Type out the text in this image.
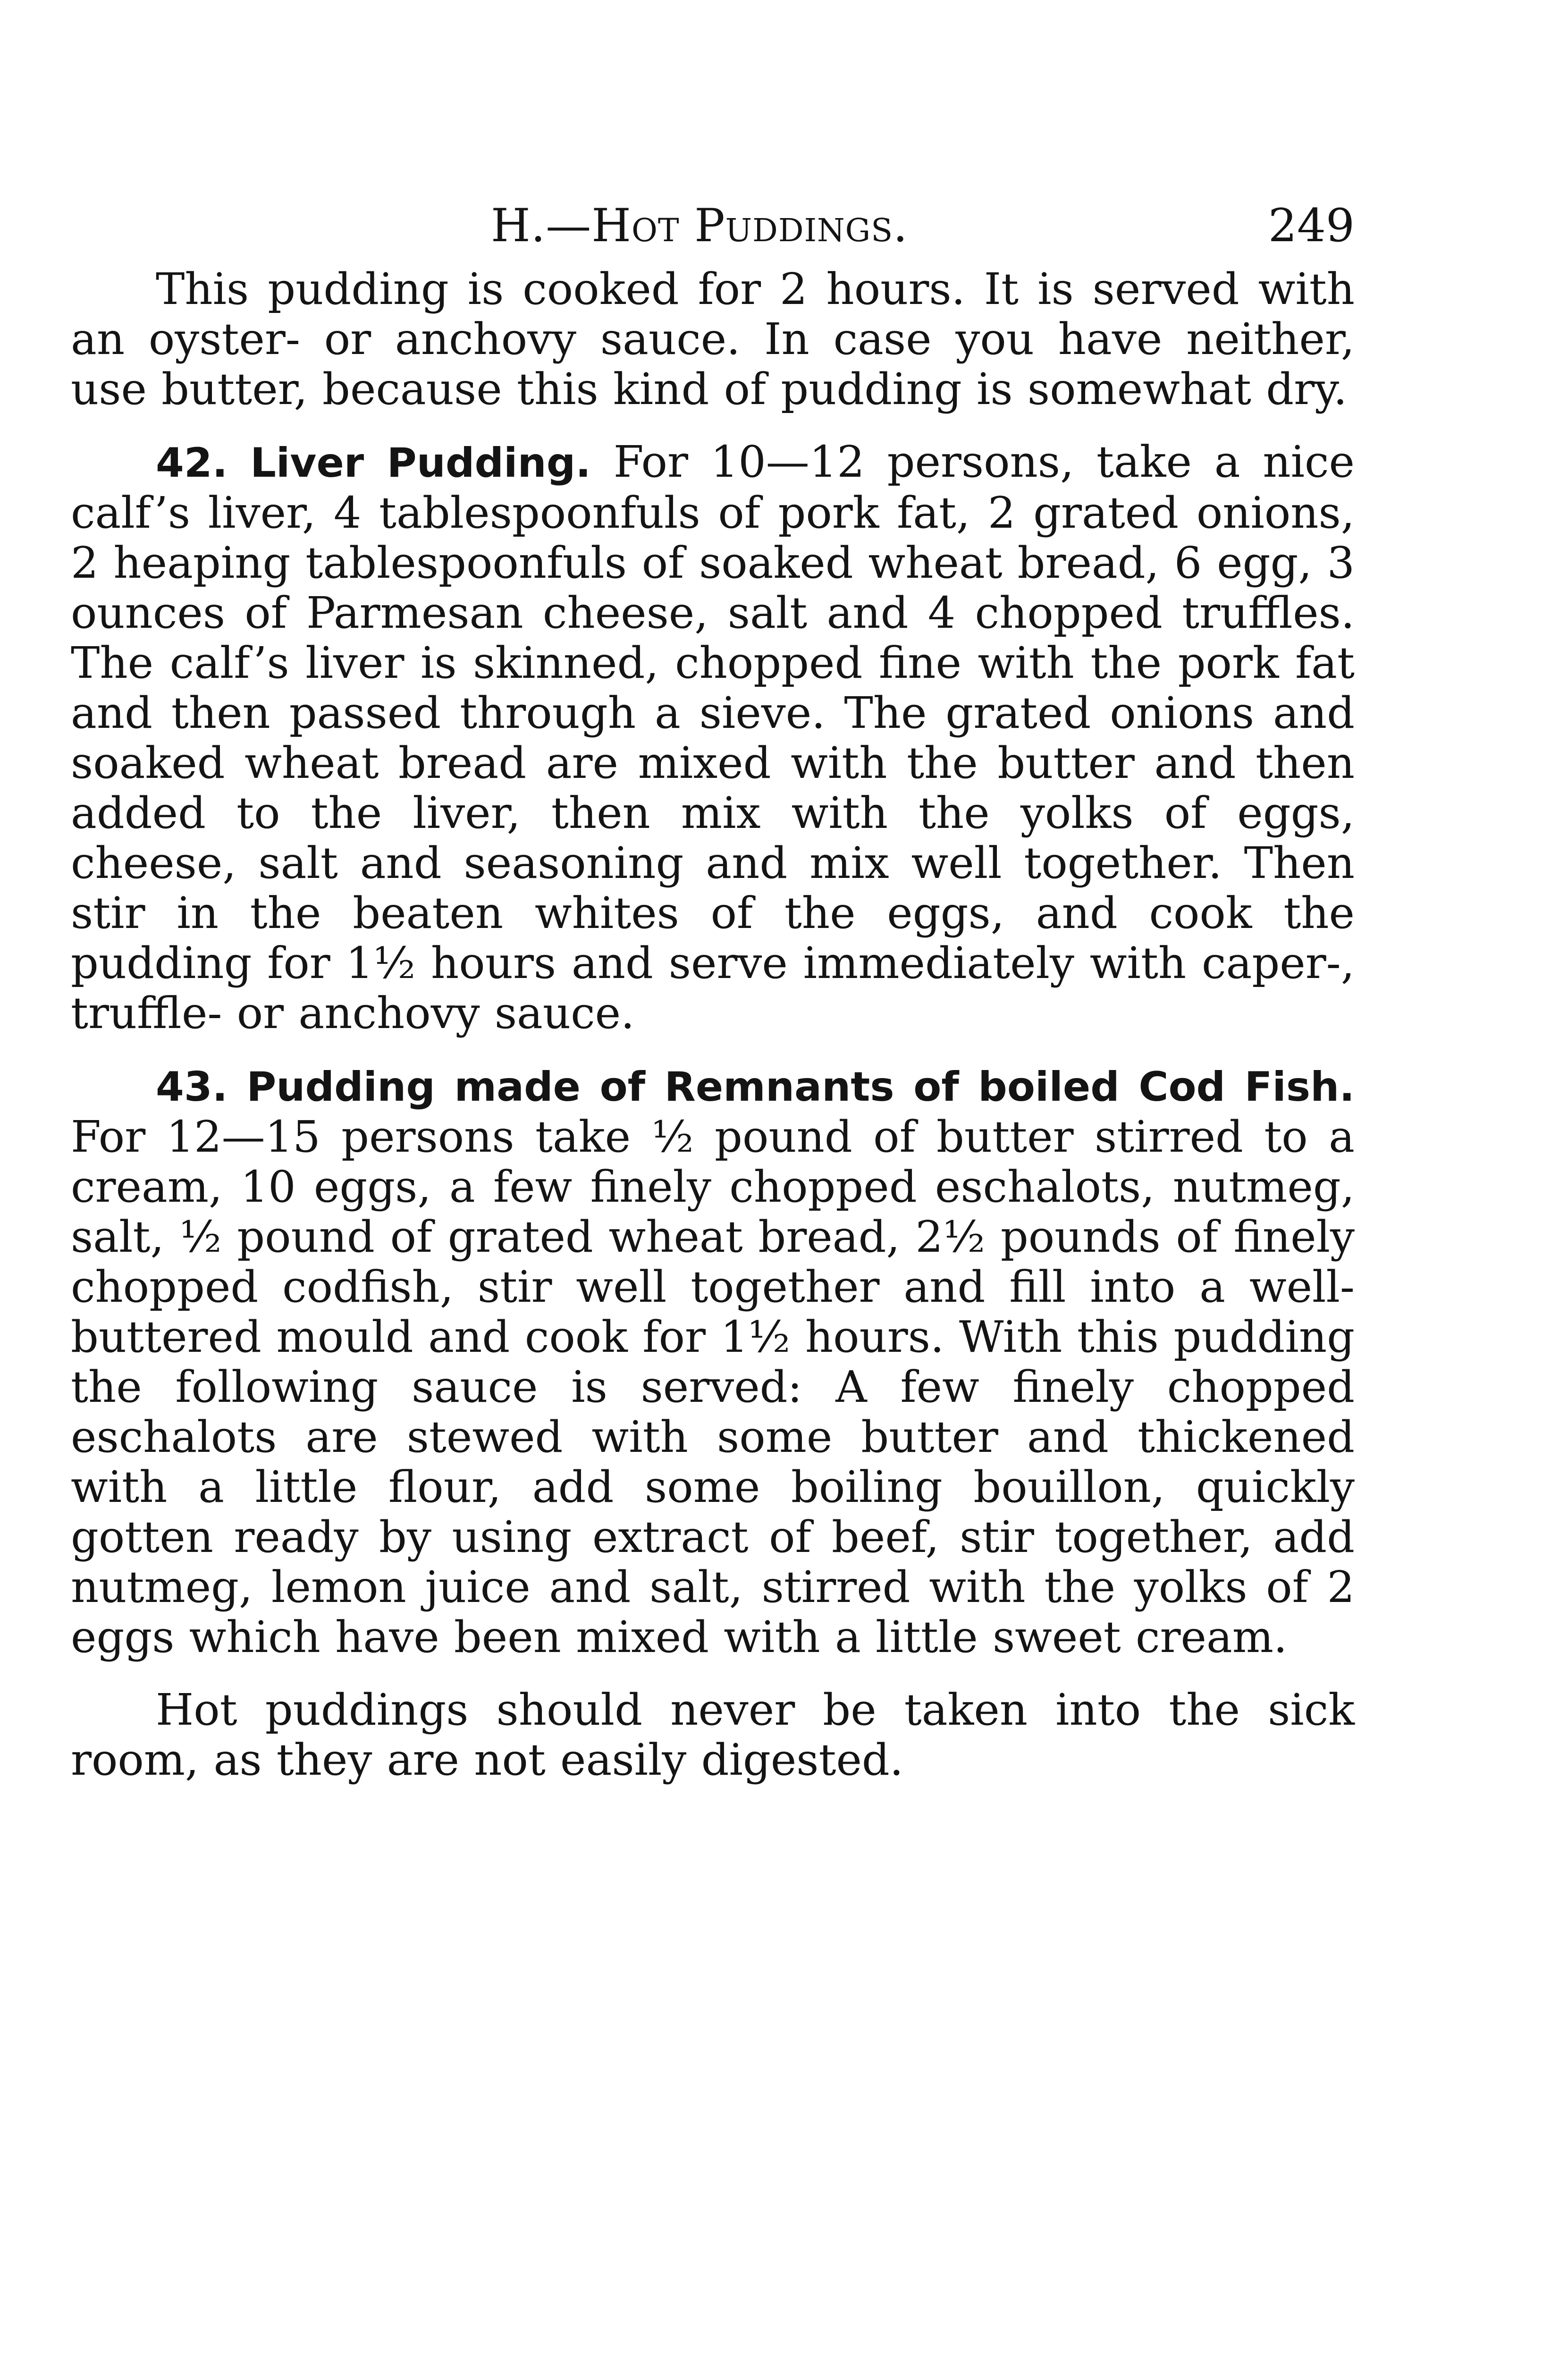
H.—Hot Puddings.	249

This pudding is cooked for 2 hours. It is served with an oyster- or anchovy sauce. In case you have neither, use butter, because this kind of pudding is somewhat dry.

42. Liver Pudding. For 10—12 persons, take a nice calf’s liver, 4 tablespoonfuls of pork fat, 2 grated onions, 2 heaping tablespoonfuls of soaked wheat bread, 6 egg, 3 ounces of Parmesan cheese, salt and 4 chopped truffles. The calf’s liver is skinned, chopped fine with the pork fat and then passed through a sieve. The grated onions and soaked wheat bread are mixed with the butter and then added to the liver, then mix with the yolks of eggs, cheese, salt and seasoning and mix well together. Then stir in the beaten whites of the eggs, and cook the pudding for 1½ hours and serve immediately with caper-, truffle- or anchovy sauce.

43. Pudding made of Remnants of boiled Cod Fish. For 12—15 persons take ½ pound of butter stirred to a cream, 10 eggs, a few finely chopped eschalots, nutmeg, salt, ½ pound of grated wheat bread, 2½ pounds of finely chopped codfish, stir well together and fill into a well-buttered mould and cook for 1½ hours. With this pudding the following sauce is served: A few finely chopped eschalots are stewed with some butter and thickened with a little flour, add some boiling bouillon, quickly gotten ready by using extract of beef, stir together, add nutmeg, lemon juice and salt, stirred with the yolks of 2 eggs which have been mixed with a little sweet cream.

Hot puddings should never be taken into the sick room, as they are not easily digested.
